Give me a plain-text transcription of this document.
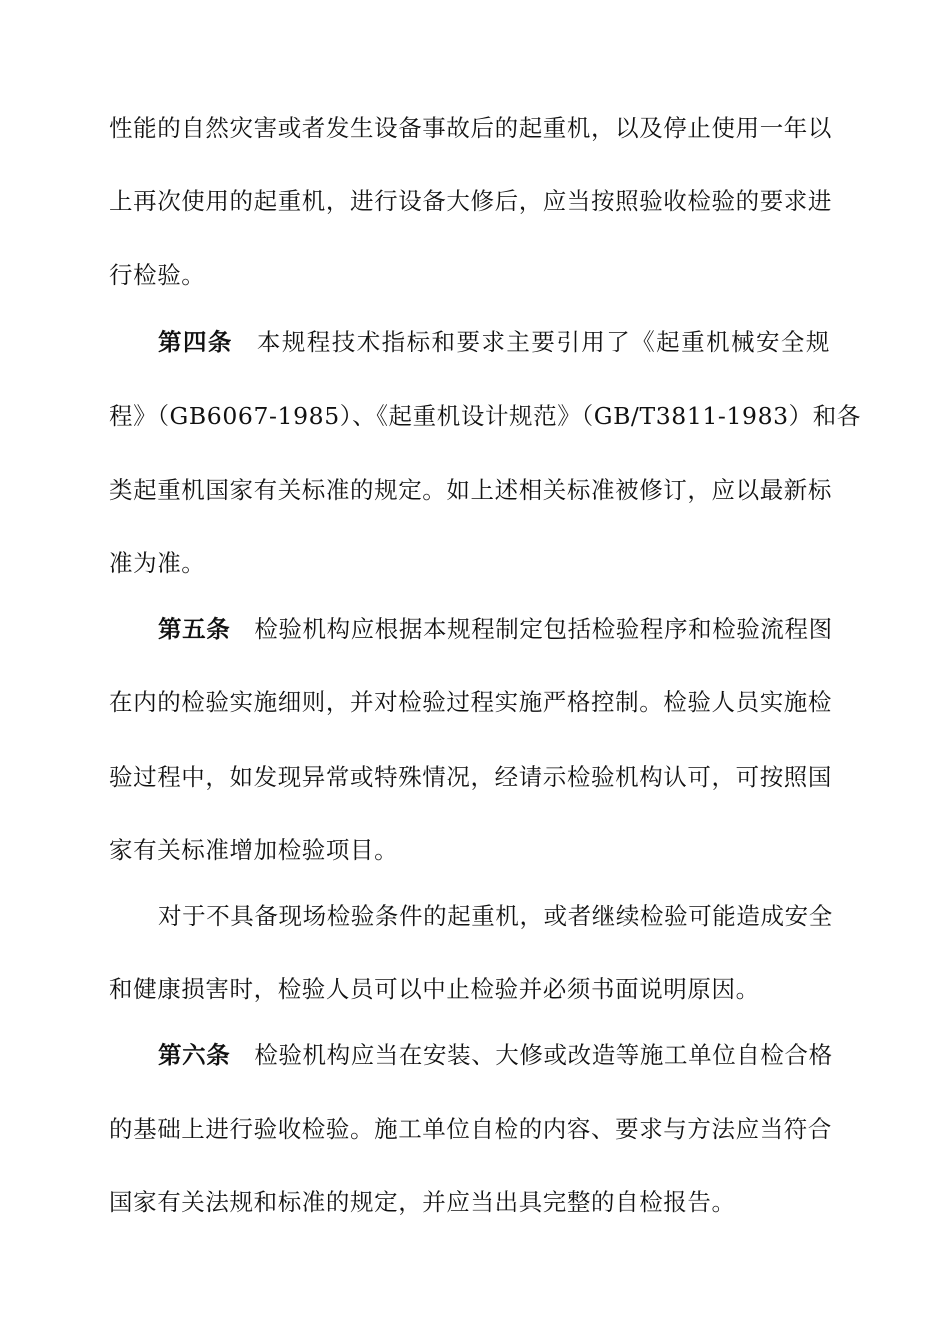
性能的自然灾害或者发生设备事故后的起重机，以及停止使用一年以
上再次使用的起重机，进行设备大修后，应当按照验收检验的要求进
行检验。
第四条 本规程技术指标和要求主要引用了《起重机械安全规
程》（GB6067-1985）、《起重机设计规范》（GB/T3811-1983）和各
类起重机国家有关标准的规定。如上述相关标准被修订，应以最新标
准为准。
第五条 检验机构应根据本规程制定包括检验程序和检验流程图
在内的检验实施细则，并对检验过程实施严格控制。检验人员实施检
验过程中，如发现异常或特殊情况，经请示检验机构认可，可按照国
家有关标准增加检验项目。
对于不具备现场检验条件的起重机，或者继续检验可能造成安全
和健康损害时，检验人员可以中止检验并必须书面说明原因。
第六条 检验机构应当在安装、大修或改造等施工单位自检合格
的基础上进行验收检验。施工单位自检的内容、要求与方法应当符合
国家有关法规和标准的规定，并应当出具完整的自检报告。
